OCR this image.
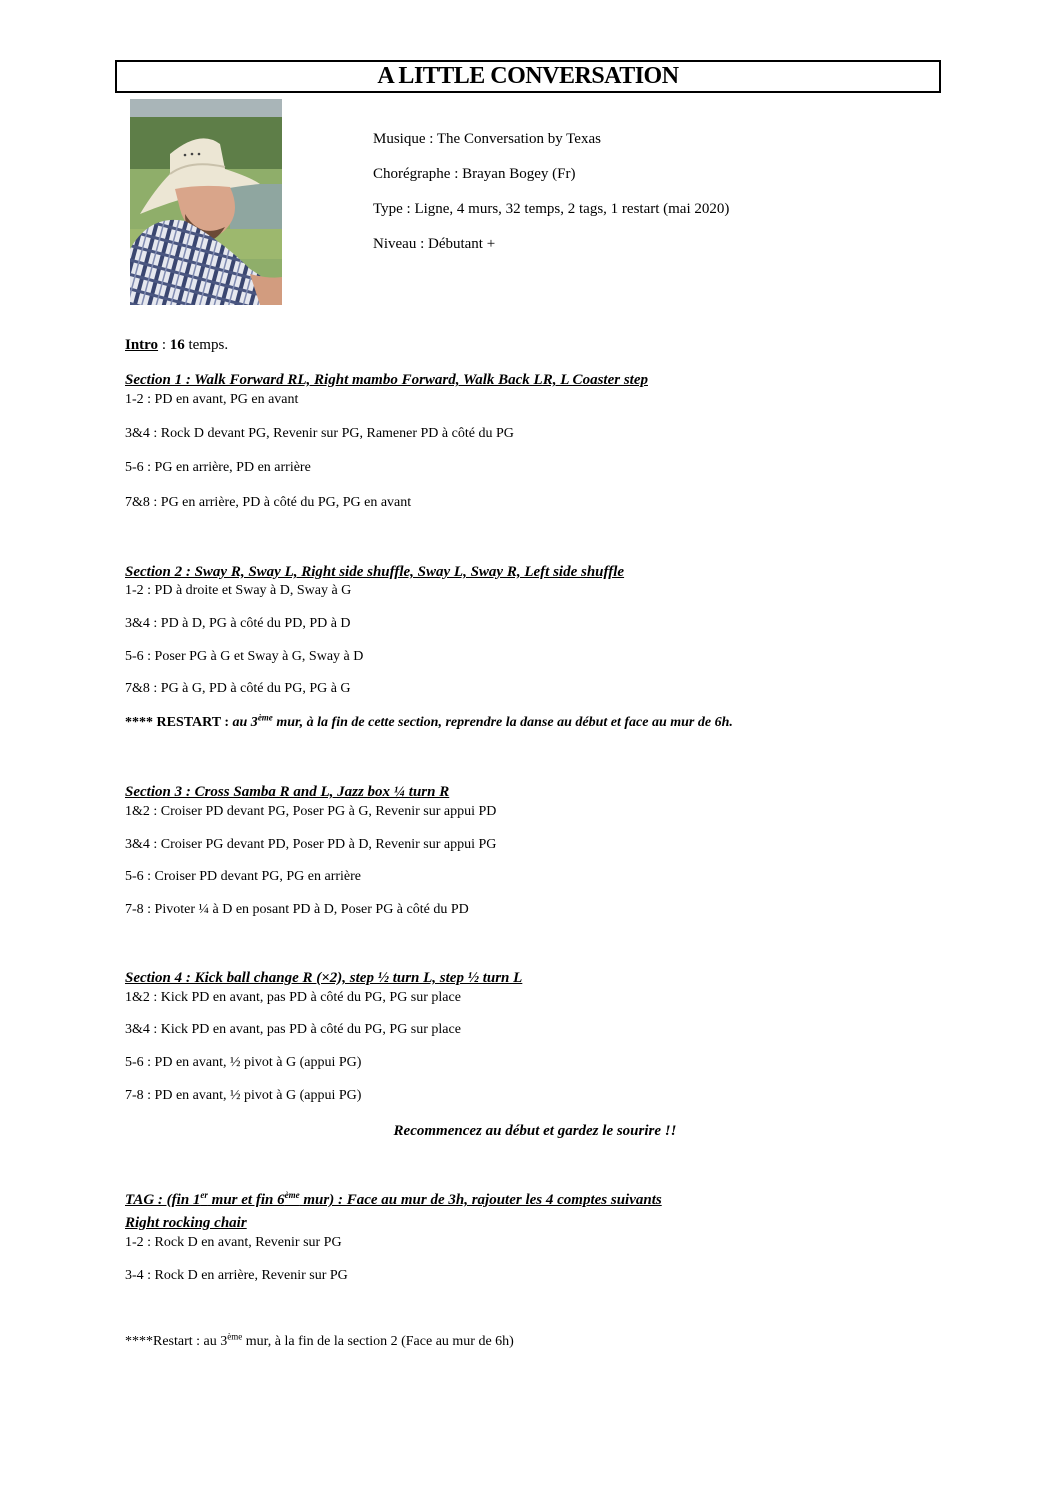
A LITTLE CONVERSATION
Musique : The Conversation by Texas
Chorégraphe : Brayan Bogey (Fr)
Type : Ligne, 4 murs, 32 temps, 2 tags, 1 restart (mai 2020)
Niveau : Débutant +
Intro : 16 temps.
Section 1 : Walk Forward RL, Right mambo Forward, Walk Back LR, L Coaster step
1-2 : PD en avant, PG en avant
3&4 : Rock D devant PG, Revenir sur PG, Ramener PD à côté du PG
5-6 : PG en arrière, PD en arrière
7&8 : PG en arrière, PD à côté du PG, PG en avant
Section 2 : Sway R, Sway L, Right side shuffle, Sway L, Sway R, Left side shuffle
1-2 : PD à droite et Sway à D, Sway à G
3&4 : PD à D, PG à côté du PD, PD à D
5-6 : Poser PG à G et Sway à G, Sway à D
7&8 : PG à G, PD à côté du PG, PG à G
**** RESTART : au 3ème mur, à la fin de cette section, reprendre la danse au début et face au mur de 6h.
Section 3 : Cross Samba R and L, Jazz box ¼ turn R
1&2 : Croiser PD devant PG, Poser PG à G, Revenir sur appui PD
3&4 : Croiser PG devant PD, Poser PD à D, Revenir sur appui PG
5-6 : Croiser PD devant PG, PG en arrière
7-8 : Pivoter ¼ à D en posant PD à D, Poser PG à côté du PD
Section 4 : Kick ball change R (×2), step ½ turn L, step ½ turn L
1&2 : Kick PD en avant, pas PD à côté du PG, PG sur place
3&4 : Kick PD en avant, pas PD à côté du PG, PG sur place
5-6 : PD en avant, ½ pivot à G (appui PG)
7-8 : PD en avant, ½ pivot à G (appui PG)
Recommencez au début et gardez le sourire !!
TAG : (fin 1er mur et fin 6ème mur) : Face au mur de 3h, rajouter les 4 comptes suivants
Right rocking chair
1-2 : Rock D en avant, Revenir sur PG
3-4 : Rock D en arrière, Revenir sur PG
****Restart : au 3ème mur, à la fin de la section 2 (Face au mur de 6h)
